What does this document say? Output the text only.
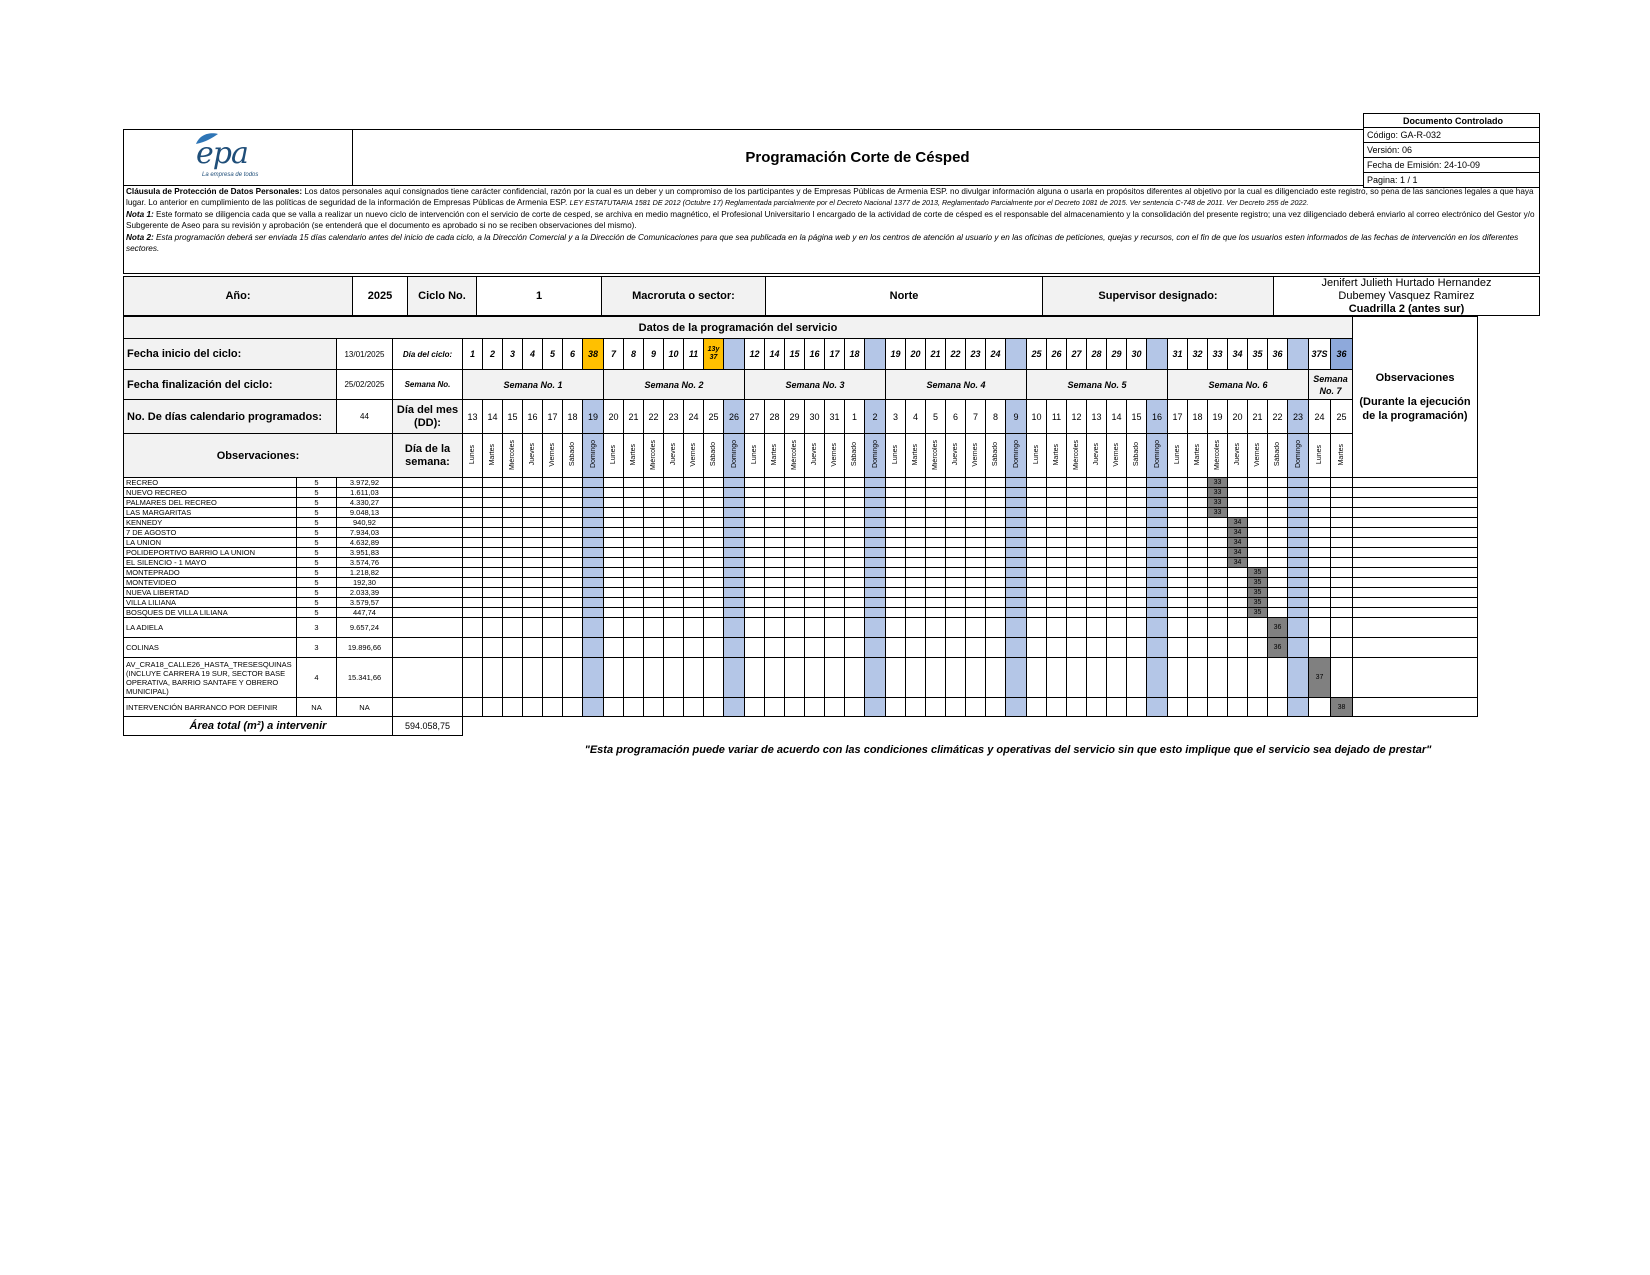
Documento Controlado
Código: GA-R-032
Versión: 06
Fecha de Emisión: 24-10-09
Pagina: 1 / 1
epa
La empresa de todos
Programación Corte de Césped

Cláusula de Protección de Datos Personales: Los datos personales aquí consignados tiene carácter confidencial, razón por la cual es un deber y un compromiso de los participantes y de Empresas Públicas de Armenia ESP. no divulgar información alguna o usarla en propósitos diferentes al objetivo por la cual es diligenciado este registro, so pena de las sanciones legales a que haya lugar. Lo anterior en cumplimiento de las políticas de seguridad de la información de Empresas Públicas de Armenia ESP. LEY ESTATUTARIA 1581 DE 2012 (Octubre 17) Reglamentada parcialmente por el Decreto Nacional 1377 de 2013, Reglamentado Parcialmente por el Decreto 1081 de 2015. Ver sentencia C-748 de 2011. Ver Decreto 255 de 2022.

Nota 1: Este formato se diligencia cada que se valla a realizar un nuevo ciclo de intervención con el servicio de corte de cesped, se archiva en medio magnético, el Profesional Universitario I encargado de la actividad de corte de césped es el responsable del almacenamiento y la consolidación del presente registro; una vez diligenciado deberá enviarlo al correo electrónico del Gestor y/o Subgerente de Aseo para su revisión y aprobación (se entenderá que el documento es aprobado si no se reciben observaciones del mismo).

Nota 2: Esta programación deberá ser enviada 15 días calendario antes del inicio de cada ciclo, a la Dirección Comercial y a la Dirección de Comunicaciones para que sea publicada en la página web y en los centros de atención al usuario y en las oficinas de peticiones, quejas y recursos, con el fin de que los usuarios esten informados de las fechas de intervención en los diferentes sectores.

Año:	2025	Ciclo No.	1	Macroruta o sector:	Norte	Supervisor designado:
Jenifert Julieth Hurtado Hernandez
Dubemey Vasquez Ramirez
Cuadrilla 2 (antes sur)
Datos de la programación del servicio																																																Observaciones
(Durante la ejecución de la programación)

Fecha inicio del ciclo:		13/01/2025	Día del ciclo:	1	2	3	4	5	6	38	7	8	9	10	11	13y 37		12	14	15	16	17	18		19	20	21	22	23	24		25	26	27	28	29	30		31	32	33	34	35	36		37S	36	
Fecha finalización del ciclo:		25/02/2025	Semana No.	Semana No. 1							Semana No. 2							Semana No. 3							Semana No. 4							Semana No. 5							Semana No. 6							Semana No. 7		
No. De días calendario programados:		44	Día del mes (DD):	13	14	15	16	17	18	19	20	21	22	23	24	25	26	27	28	29	30	31	1	2	3	4	5	6	7	8	9	10	11	12	13	14	15	16	17	18	19	20	21	22	23	24	25	
Observaciones:			Día de la semana:	Lunes	Martes	Miércoles	Jueves	Viernes	Sábado	Domingo	Lunes	Martes	Miércoles	Jueves	Viernes	Sábado	Domingo	Lunes	Martes	Miércoles	Jueves	Viernes	Sábado	Domingo	Lunes	Martes	Miércoles	Jueves	Viernes	Sábado	Domingo	Lunes	Martes	Miércoles	Jueves	Viernes	Sábado	Domingo	Lunes	Martes	Miércoles	Jueves	Viernes	Sábado	Domingo	Lunes	Martes	
RECREO	5	3.972,92																																							33							
NUEVO RECREO	5	1.611,03																																							33							
PALMARES DEL RECREO	5	4.330,27																																							33							
LAS MARGARITAS	5	9.048,13																																							33							
KENNEDY	5	940,92																																								34						
7 DE AGOSTO	5	7.934,03																																								34						
LA UNION	5	4.632,89																																								34						
POLIDEPORTIVO BARRIO LA UNION	5	3.951,83																																								34						
EL SILENCIO - 1 MAYO	5	3.574,76																																								34						
MONTEPRADO	5	1.218,82																																									35					
MONTEVIDEO	5	192,30																																									35					
NUEVA LIBERTAD	5	2.033,39																																									35					
VILLA LILIANA	5	3.579,57																																									35					
BOSQUES DE VILLA LILIANA	5	447,74																																									35					
LA ADIELA	3	9.657,24																																										36				
COLINAS	3	19.896,66																																										36				
AV_CRA18_CALLE26_HASTA_TRESESQUINAS (INCLUYE CARRERA 19 SUR, SECTOR BASE OPERATIVA, BARRIO SANTAFE Y OBRERO MUNICIPAL)	4	15.341,66																																												37		
INTERVENCIÓN BARRANCO POR DEFINIR	NA	NA																																													38	
Área total (m²) a intervenir			594.058,75																																													
"Esta programación puede variar de acuerdo con las condiciones climáticas y operativas del servicio sin que esto implique que el servicio sea dejado de prestar"
